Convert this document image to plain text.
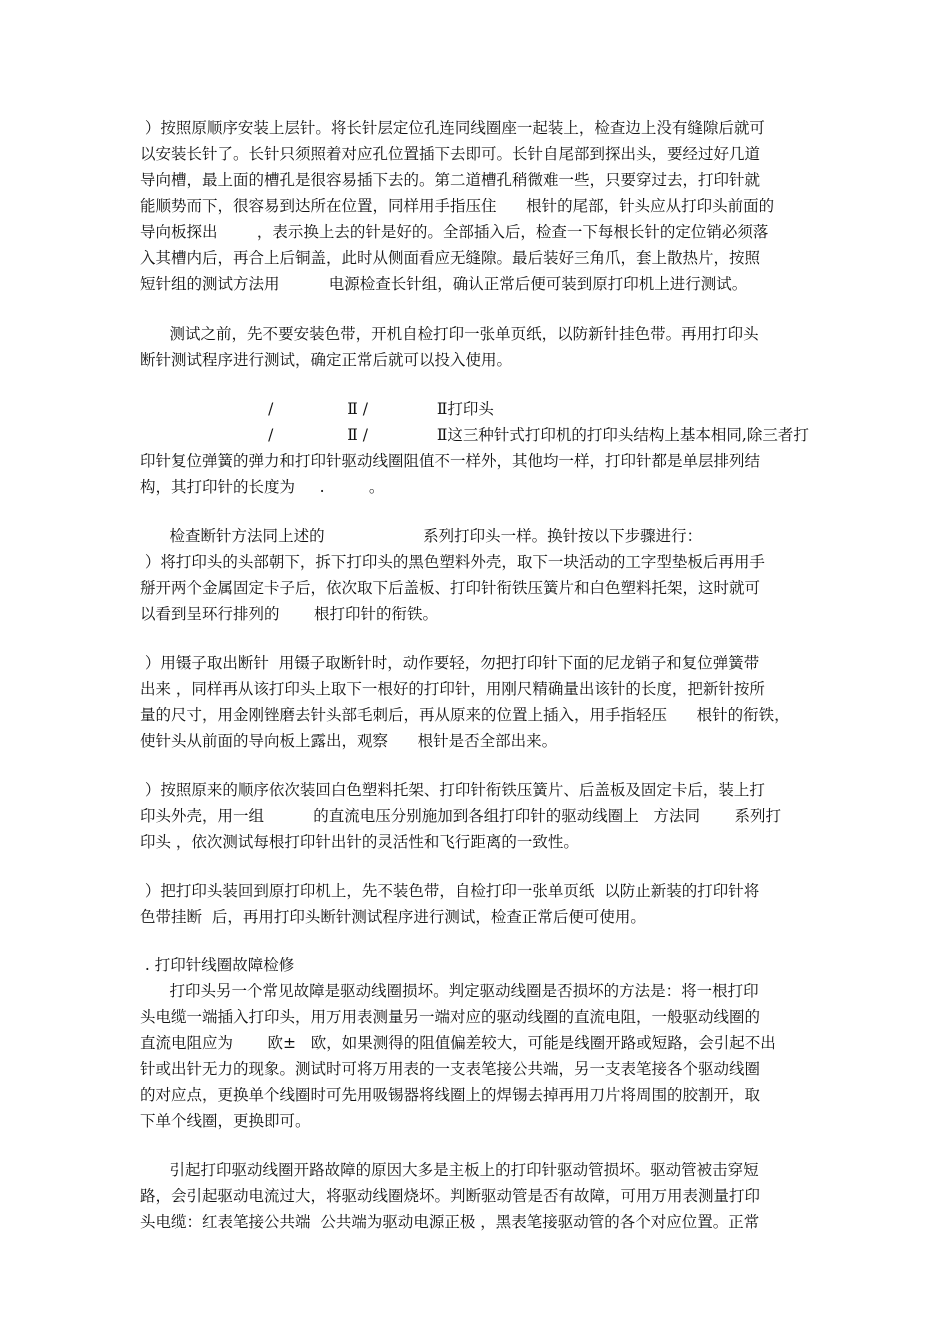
）按照原顺序安装上层针。将长针层定位孔连同线圈座一起装上，检查边上没有缝隙后就可
以安装长针了。长针只须照着对应孔位置插下去即可。长针自尾部到探出头，要经过好几道
导向槽，最上面的槽孔是很容易插下去的。第二道槽孔稍微难一些，只要穿过去，打印针就
能顺势而下，很容易到达所在位置，同样用手指压住      根针的尾部，针头应从打印头前面的
导向板探出        ，表示换上去的针是好的。全部插入后，检查一下每根长针的定位销必须落
入其槽内后，再合上后铜盖，此时从侧面看应无缝隙。最后装好三角爪，套上散热片，按照
短针组的测试方法用          电源检查长针组，确认正常后便可装到原打印机上进行测试。
测试之前，先不要安装色带，开机自检打印一张单页纸，以防新针挂色带。再用打印头
断针测试程序进行测试，确定正常后就可以投入使用。
/               Ⅱ /              Ⅱ打印头
/               Ⅱ /              Ⅱ这三种针式打印机的打印头结构上基本相同,除三者打
印针复位弹簧的弹力和打印针驱动线圈阻值不一样外，其他均一样，打印针都是单层排列结
构，其打印针的长度为     .         。
检查断针方法同上述的                    系列打印头一样。换针按以下步骤进行：
）将打印头的头部朝下，拆下打印头的黑色塑料外壳，取下一块活动的工字型垫板后再用手
掰开两个金属固定卡子后，依次取下后盖板、打印针衔铁压簧片和白色塑料托架，这时就可
以看到呈环行排列的       根打印针的衔铁。
）用镊子取出断针  用镊子取断针时，动作要轻，勿把打印针下面的尼龙销子和复位弹簧带
出来 ，同样再从该打印头上取下一根好的打印针，用刚尺精确量出该针的长度，把新针按所
量的尺寸，用金刚锉磨去针头部毛刺后，再从原来的位置上插入，用手指轻压      根针的衔铁，
使针头从前面的导向板上露出，观察      根针是否全部出来。
）按照原来的顺序依次装回白色塑料托架、打印针衔铁压簧片、后盖板及固定卡后，装上打
印头外壳，用一组          的直流电压分别施加到各组打印针的驱动线圈上   方法同       系列打
印头 ，依次测试每根打印针出针的灵活性和飞行距离的一致性。
）把打印头装回到原打印机上，先不装色带，自检打印一张单页纸  以防止新装的打印针将
色带挂断  后，再用打印头断针测试程序进行测试，检查正常后便可使用。
. 打印针线圈故障检修
打印头另一个常见故障是驱动线圈损坏。判定驱动线圈是否损坏的方法是：将一根打印
头电缆一端插入打印头，用万用表测量另一端对应的驱动线圈的直流电阻，一般驱动线圈的
直流电阻应为       欧±   欧，如果测得的阻值偏差较大，可能是线圈开路或短路，会引起不出
针或出针无力的现象。测试时可将万用表的一支表笔接公共端，另一支表笔接各个驱动线圈
的对应点，更换单个线圈时可先用吸锡器将线圈上的焊锡去掉再用刀片将周围的胶割开，取
下单个线圈，更换即可。
引起打印驱动线圈开路故障的原因大多是主板上的打印针驱动管损坏。驱动管被击穿短
路，会引起驱动电流过大，将驱动线圈烧坏。判断驱动管是否有故障，可用万用表测量打印
头电缆：红表笔接公共端  公共端为驱动电源正极 ，黑表笔接驱动管的各个对应位置。正常
